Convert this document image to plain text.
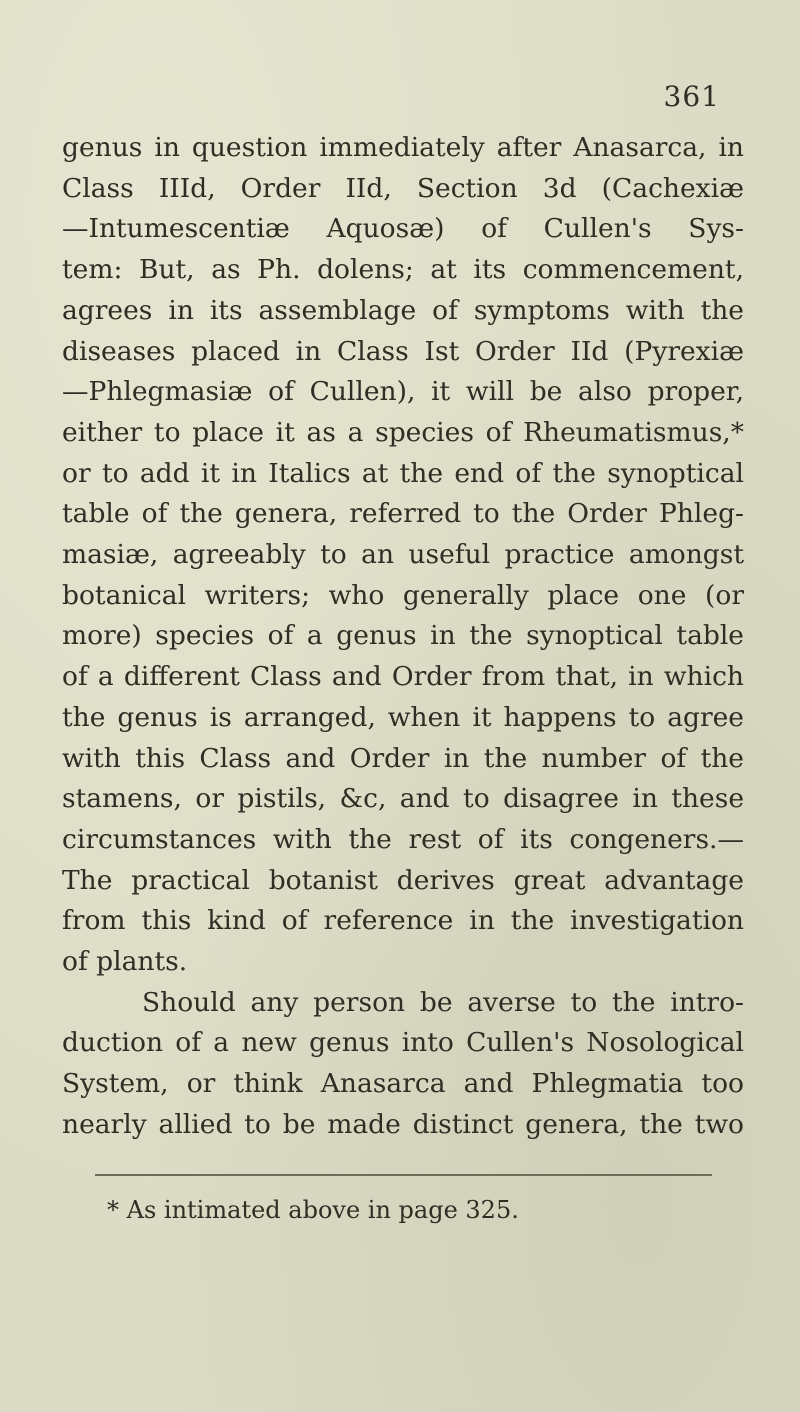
361
genus in question immediately after Anasarca, in
Class IIId, Order IId, Section 3d (Cachexiæ
—Intumescentiæ Aquosæ) of Cullen's Sys-
tem: But, as Ph. dolens; at its commencement,
agrees in its assemblage of symptoms with the
diseases placed in Class Ist Order IId (Pyrexiæ
—Phlegmasiæ of Cullen), it will be also proper,
either to place it as a species of Rheumatismus,*
or to add it in Italics at the end of the synoptical
table of the genera, referred to the Order Phleg-
masiæ, agreeably to an useful practice amongst
botanical writers; who generally place one (or
more) species of a genus in the synoptical table
of a different Class and Order from that, in which
the genus is arranged, when it happens to agree
with this Class and Order in the number of the
stamens, or pistils, &c, and to disagree in these
circumstances with the rest of its congeners.—
The practical botanist derives great advantage
from this kind of reference in the investigation
of plants.
Should any person be averse to the intro-
duction of a new genus into Cullen's Nosological
System, or think Anasarca and Phlegmatia too
nearly allied to be made distinct genera, the two
* As intimated above in page 325.
